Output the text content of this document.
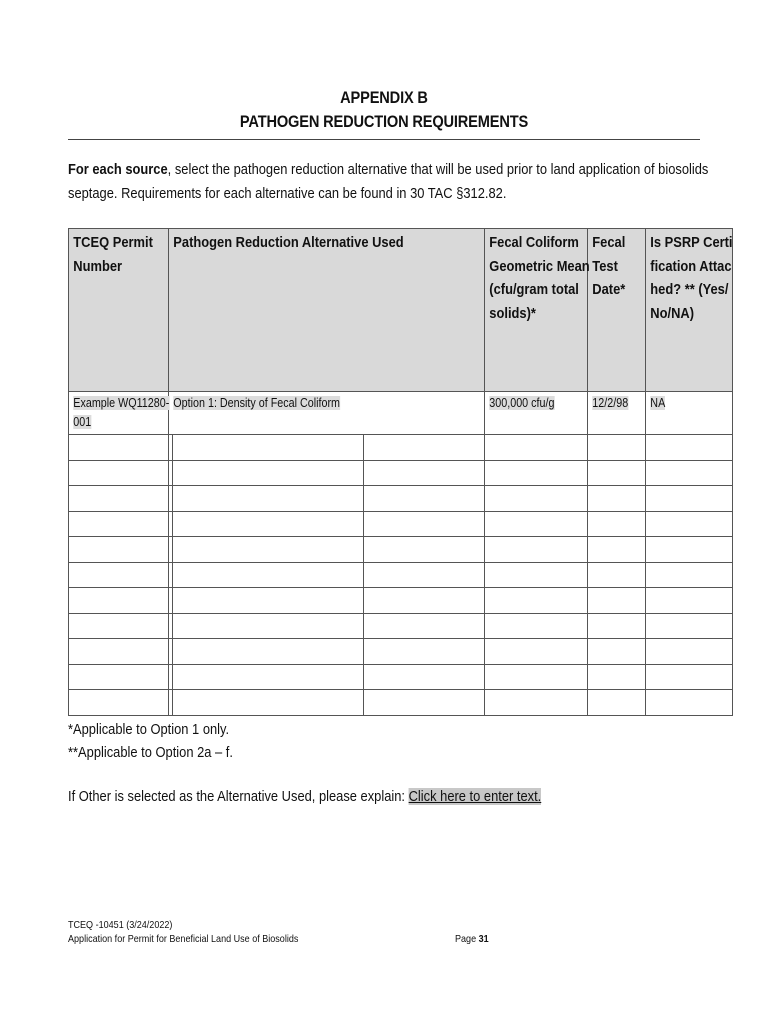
APPENDIX B
PATHOGEN REDUCTION REQUIREMENTS
For each source, select the pathogen reduction alternative that will be used prior to land application of biosolids septage. Requirements for each alternative can be found in 30 TAC §312.82.
TCEQ Permit Number	Pathogen Reduction Alternative Used			Fecal Coliform Geometric Mean (cfu/gram total solids)*	Fecal Test Date*	Is PSRP Certification Attached? ** (Yes/No/NA)

Example WQ11280-001	Option 1: Density of Fecal Coliform			300,000 cfu/g	12/2/98	NA

*Applicable to Option 1 only.
**Applicable to Option 2a – f.
If Other is selected as the Alternative Used, please explain: Click here to enter text.
TCEQ -10451 (3/24/2022)
Application for Permit for Beneficial Land Use of Biosolids	Page 31
